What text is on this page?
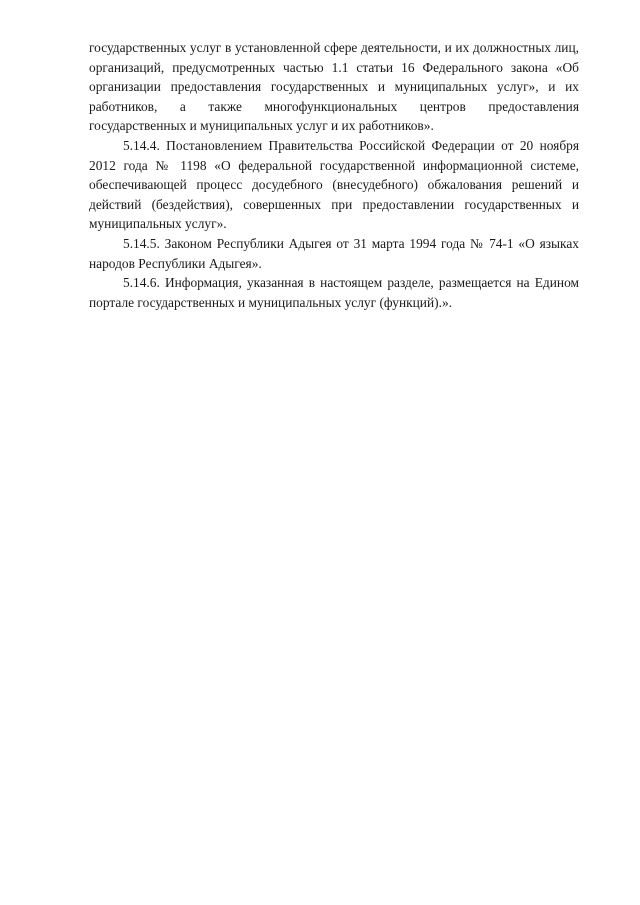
государственных услуг в установленной сфере деятельности, и их должностных лиц, организаций, предусмотренных частью 1.1 статьи 16 Федерального закона «Об организации предоставления государственных и муниципальных услуг», и их работников, а также многофункциональных центров предоставления государственных и муниципальных услуг и их работников».

5.14.4. Постановлением Правительства Российской Федерации от 20 ноября 2012 года № 1198 «О федеральной государственной информационной системе, обеспечивающей процесс досудебного (внесудебного) обжалования решений и действий (бездействия), совершенных при предоставлении государственных и муниципальных услуг».

5.14.5. Законом Республики Адыгея от 31 марта 1994 года № 74-1 «О языках народов Республики Адыгея».

5.14.6. Информация, указанная в настоящем разделе, размещается на Едином портале государственных и муниципальных услуг (функций).».
